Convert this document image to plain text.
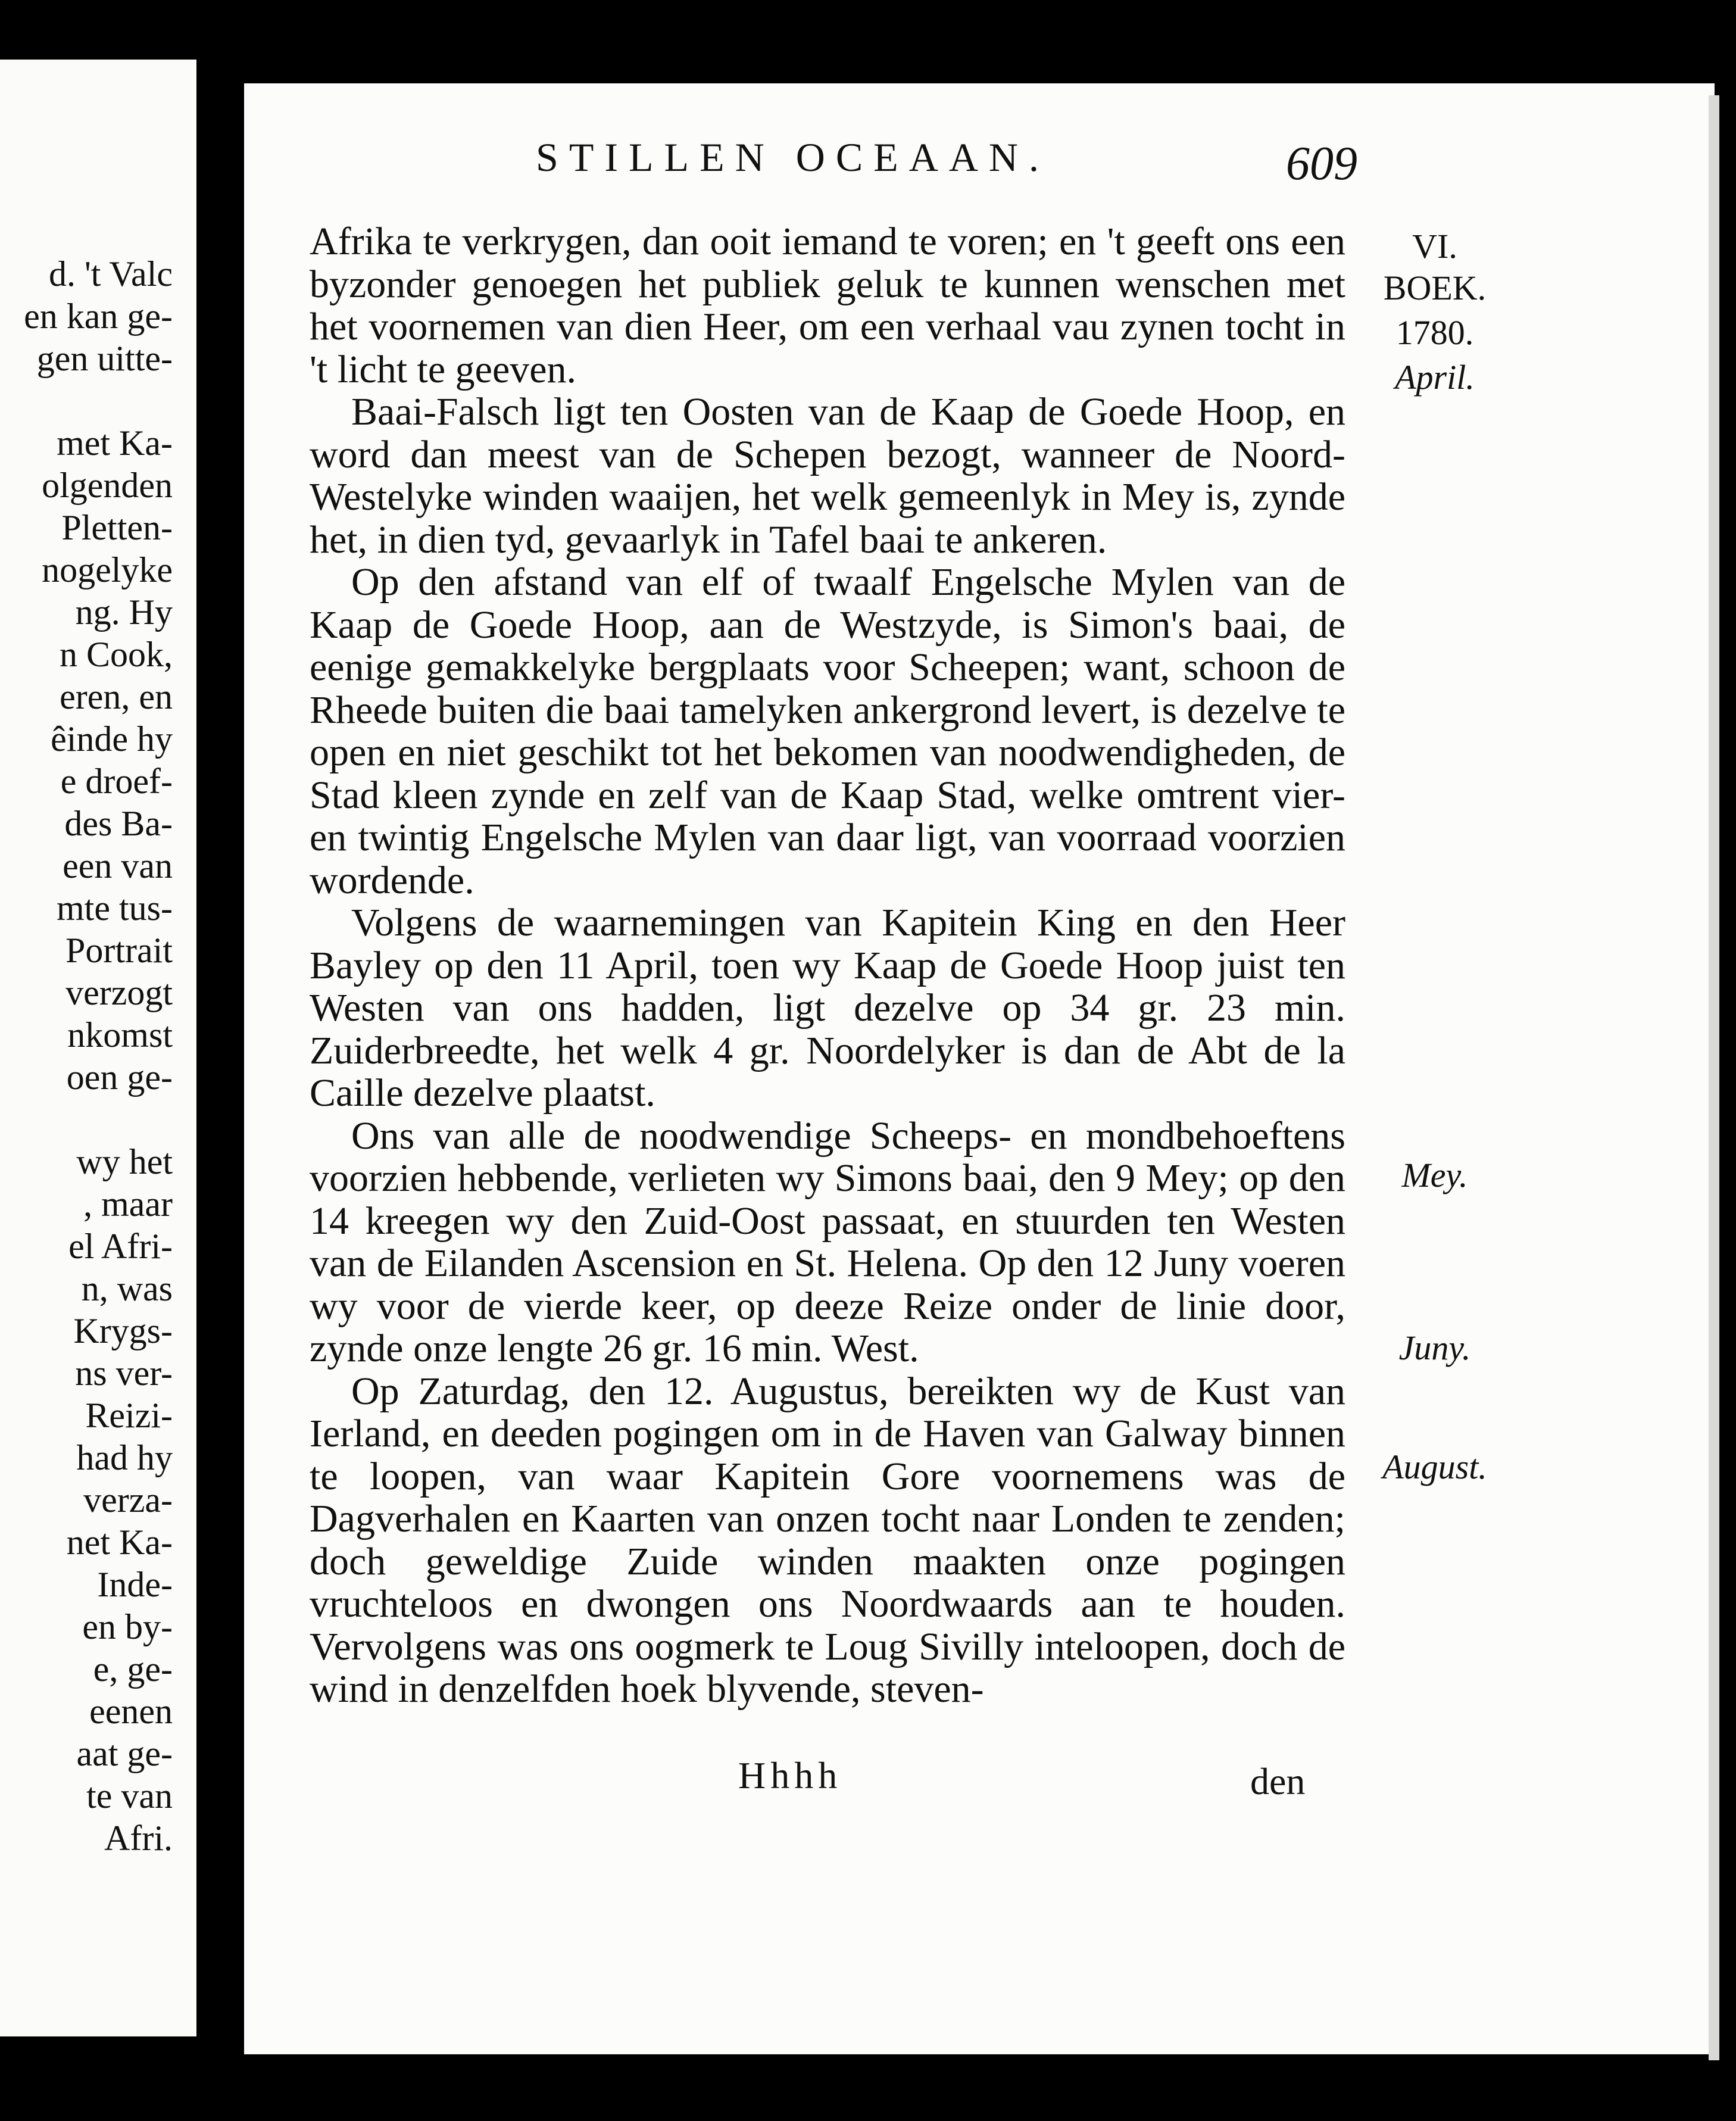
d. 't Valc
en kan ge-
gen uitte-
met Ka-
olgenden
Pletten-
nogelyke
ng. Hy
n Cook,
eren, en
êinde hy
e droef-
des Ba-
een van
mte tus-
Portrait
verzogt
nkomst
oen ge-
wy het
, maar
el Afri-
n, was
Krygs-
ns ver-
Reizi-
had hy
verza-
net Ka-
Inde-
en by-
e, ge-
eenen
aat ge-
te van
Afri.
STILLEN OCEAAN.	609

Afrika te verkrygen, dan ooit iemand te voren; en 't geeft ons een byzonder genoegen het publiek geluk te kunnen wenschen met het voornemen van dien Heer, om een verhaal vau zynen tocht in 't licht te geeven.

Baai-Falsch ligt ten Oosten van de Kaap de Goede Hoop, en word dan meest van de Schepen bezogt, wanneer de Noord-Westelyke winden waaijen, het welk gemeenlyk in Mey is, zynde het, in dien tyd, gevaarlyk in Tafel baai te ankeren.

Op den afstand van elf of twaalf Engelsche Mylen van de Kaap de Goede Hoop, aan de Westzyde, is Simon's baai, de eenige gemakkelyke bergplaats voor Scheepen; want, schoon de Rheede buiten die baai tamelyken ankergrond levert, is dezelve te open en niet geschikt tot het bekomen van noodwendigheden, de Stad kleen zynde en zelf van de Kaap Stad, welke omtrent vier- en twintig Engelsche Mylen van daar ligt, van voorraad voorzien wordende.

Volgens de waarnemingen van Kapitein King en den Heer Bayley op den 11 April, toen wy Kaap de Goede Hoop juist ten Westen van ons hadden, ligt dezelve op 34 gr. 23 min. Zuiderbreedte, het welk 4 gr. Noordelyker is dan de Abt de la Caille dezelve plaatst.

Ons van alle de noodwendige Scheeps- en mondbehoeftens voorzien hebbende, verlieten wy Simons baai, den 9 Mey; op den 14 kreegen wy den Zuid-Oost passaat, en stuurden ten Westen van de Eilanden Ascension en St. Helena. Op den 12 Juny voeren wy voor de vierde keer, op deeze Reize onder de linie door, zynde onze lengte 26 gr. 16 min. West.

Op Zaturdag, den 12. Augustus, bereikten wy de Kust van Ierland, en deeden pogingen om in de Haven van Galway binnen te loopen, van waar Kapitein Gore voornemens was de Dagverhalen en Kaarten van onzen tocht naar Londen te zenden; doch geweldige Zuide winden maakten onze pogingen vruchteloos en dwongen ons Noordwaards aan te houden. Vervolgens was ons oogmerk te Loug Sivilly inteloopen, doch de wind in denzelfden hoek blyvende, steven-

VI.
BOEK.
1780.
April.
Mey.
Juny.
August.
Hhhh	den
